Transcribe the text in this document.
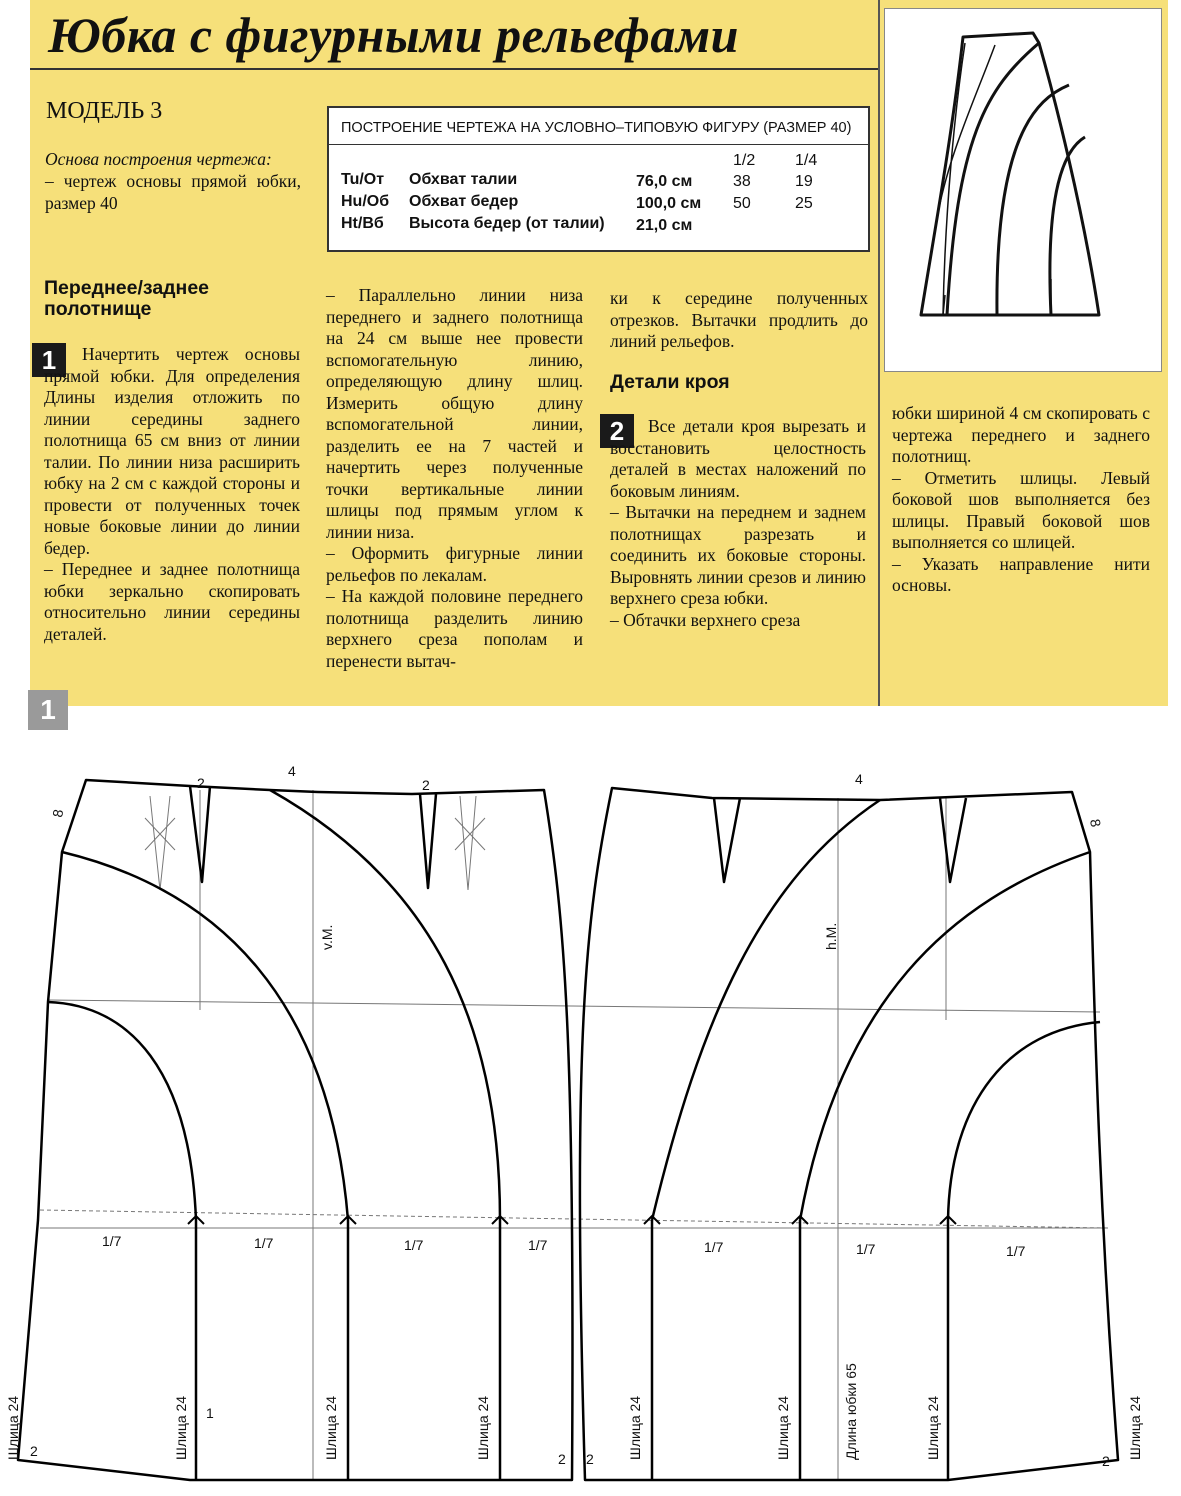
Юбка с фигурными рельефами
МОДЕЛЬ 3
Основа построения чертежа:
– чертеж основы прямой юбки, размер 40
ПОСТРОЕНИЕ ЧЕРТЕЖА НА УСЛОВНО–ТИПОВУЮ ФИГУРУ (РАЗМЕР 40)
1/2 1/4
Tu/От Обхват талии	76,0 см	38	19
Hu/Об Обхват бедер	100,0 см 50	25
Ht/Вб Высота бедер (от талии) 21,0 см
Переднее/заднее полотнище
1	Начертить чертеж основы прямой юбки. Для определения Длины изделия отложить по линии середины заднего полотнища 65 см вниз от линии талии. По линии низа расширить юбку на 2 см с каждой стороны и провести от полученных точек новые боковые линии до линии бедер.
– Переднее и заднее полотнища юбки зеркально скопировать относительно линии середины деталей.
– Параллельно линии низа переднего и заднего полотнища на 24 см выше нее провести вспомогательную линию, определяющую длину шлиц. Измерить общую длину вспомогательной линии, разделить ее на 7 частей и начертить через полученные точки вертикальные линии шлицы под прямым углом к линии низа.
– Оформить фигурные линии рельефов по лекалам.
– На каждой половине переднего полотнища разделить линию верхнего среза пополам и перенести вытач-
ки к середине полученных отрезков. Вытачки продлить до линий рельефов.
Детали кроя
2	Все детали кроя вырезать и восстановить целостность деталей в местах наложений по боковым линиям.
– Вытачки на переднем и заднем полотнищах разрезать и соединить их боковые стороны. Выровнять линии срезов и линию верхнего среза юбки.
– Обтачки верхнего среза
юбки шириной 4 см скопировать с чертежа переднего и заднего полотнищ.
– Отметить шлицы. Левый боковой шов выполняется без шлицы. Правый боковой шов выполняется со шлицей.
– Указать направление нити основы.
1
1/7	1/7	1/7	1/7	1/7	1/7	1/7
2	2
4	4
8
8
v.M.	h.M.
Шлица 24	Шлица 24	Шлица 24	Шлица 24	Шлица 24	Шлица 24	Шлица 24	Шлица 24
Длина юбки 65
2	2 2	2
1
